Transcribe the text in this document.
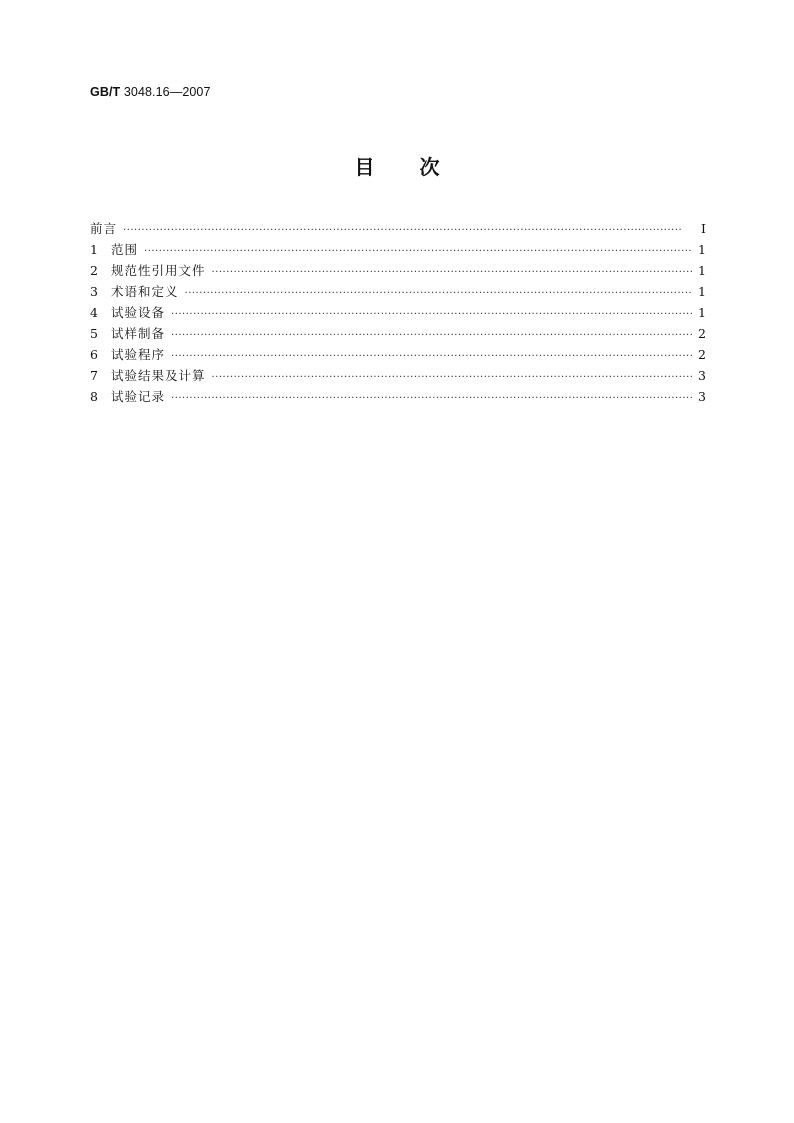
GB/T 3048.16—2007
目 次
前言 ·····	I
1	范围 ·····	1
2	规范性引用文件 ·····	1
3	术语和定义 ·····	1
4	试验设备 ·····	1
5	试样制备 ·····	2
6	试验程序 ·····	2
7	试验结果及计算 ·····	3
8	试验记录 ·····	3
